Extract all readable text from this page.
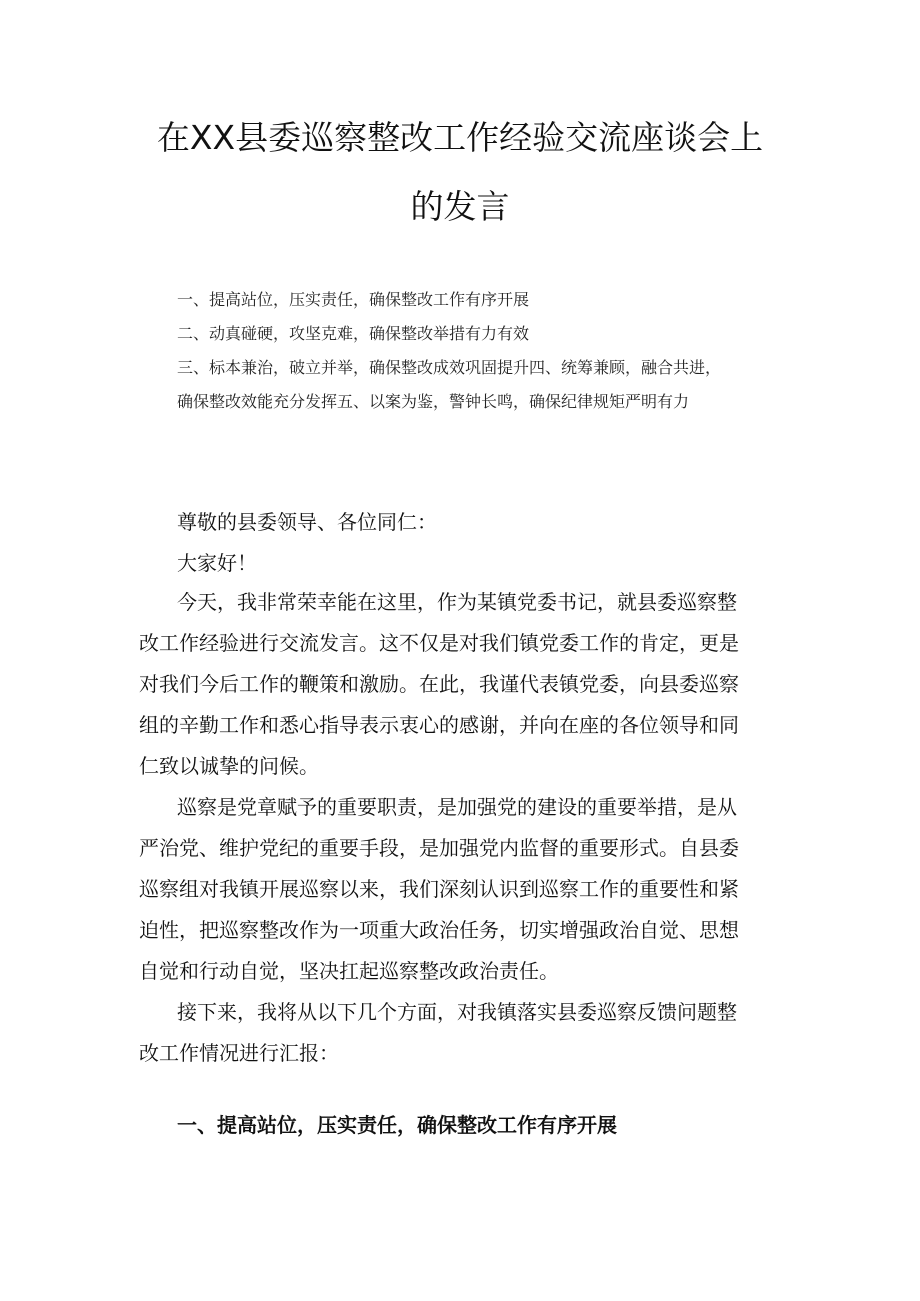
在XX县委巡察整改工作经验交流座谈会上
的发言
一、提高站位，压实责任，确保整改工作有序开展
二、动真碰硬，攻坚克难，确保整改举措有力有效
三、标本兼治，破立并举，确保整改成效巩固提升四、统筹兼顾，融合共进，
确保整改效能充分发挥五、以案为鉴，警钟长鸣，确保纪律规矩严明有力
尊敬的县委领导、各位同仁：
大家好！
今天，我非常荣幸能在这里，作为某镇党委书记，就县委巡察整
改工作经验进行交流发言。这不仅是对我们镇党委工作的肯定，更是
对我们今后工作的鞭策和激励。在此，我谨代表镇党委，向县委巡察
组的辛勤工作和悉心指导表示衷心的感谢，并向在座的各位领导和同
仁致以诚挚的问候。
巡察是党章赋予的重要职责，是加强党的建设的重要举措，是从
严治党、维护党纪的重要手段，是加强党内监督的重要形式。自县委
巡察组对我镇开展巡察以来，我们深刻认识到巡察工作的重要性和紧
迫性，把巡察整改作为一项重大政治任务，切实增强政治自觉、思想
自觉和行动自觉，坚决扛起巡察整改政治责任。
接下来，我将从以下几个方面，对我镇落实县委巡察反馈问题整
改工作情况进行汇报：
一、提高站位，压实责任，确保整改工作有序开展
